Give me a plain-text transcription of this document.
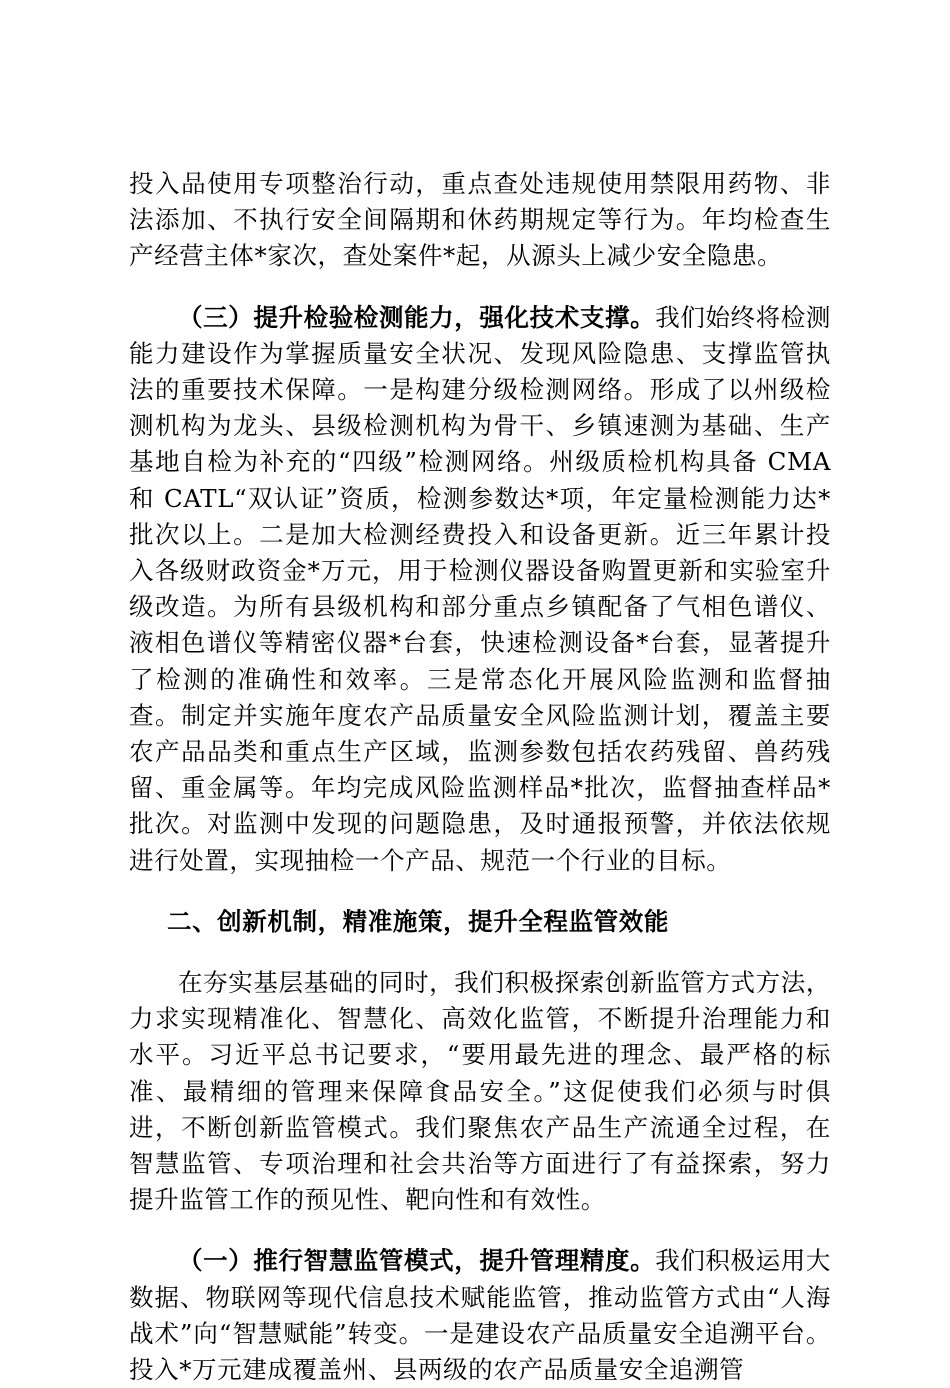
投入品使用专项整治行动，重点查处违规使用禁限用药物、非法添加、不执行安全间隔期和休药期规定等行为。年均检查生产经营主体*家次，查处案件*起，从源头上减少安全隐患。

（三）提升检验检测能力，强化技术支撑。我们始终将检测能力建设作为掌握质量安全状况、发现风险隐患、支撑监管执法的重要技术保障。一是构建分级检测网络。形成了以州级检测机构为龙头、县级检测机构为骨干、乡镇速测为基础、生产基地自检为补充的“四级”检测网络。州级质检机构具备 CMA 和 CATL“双认证”资质，检测参数达*项，年定量检测能力达*批次以上。二是加大检测经费投入和设备更新。近三年累计投入各级财政资金*万元，用于检测仪器设备购置更新和实验室升级改造。为所有县级机构和部分重点乡镇配备了气相色谱仪、液相色谱仪等精密仪器*台套，快速检测设备*台套，显著提升了检测的准确性和效率。三是常态化开展风险监测和监督抽查。制定并实施年度农产品质量安全风险监测计划，覆盖主要农产品品类和重点生产区域，监测参数包括农药残留、兽药残留、重金属等。年均完成风险监测样品*批次，监督抽查样品*批次。对监测中发现的问题隐患，及时通报预警，并依法依规进行处置，实现抽检一个产品、规范一个行业的目标。

二、创新机制，精准施策，提升全程监管效能

在夯实基层基础的同时，我们积极探索创新监管方式方法，力求实现精准化、智慧化、高效化监管，不断提升治理能力和水平。习近平总书记要求，“要用最先进的理念、最严格的标准、最精细的管理来保障食品安全。”这促使我们必须与时俱进，不断创新监管模式。我们聚焦农产品生产流通全过程，在智慧监管、专项治理和社会共治等方面进行了有益探索，努力提升监管工作的预见性、靶向性和有效性。

（一）推行智慧监管模式，提升管理精度。我们积极运用大数据、物联网等现代信息技术赋能监管，推动监管方式由“人海战术”向“智慧赋能”转变。一是建设农产品质量安全追溯平台。投入*万元建成覆盖州、县两级的农产品质量安全追溯管
